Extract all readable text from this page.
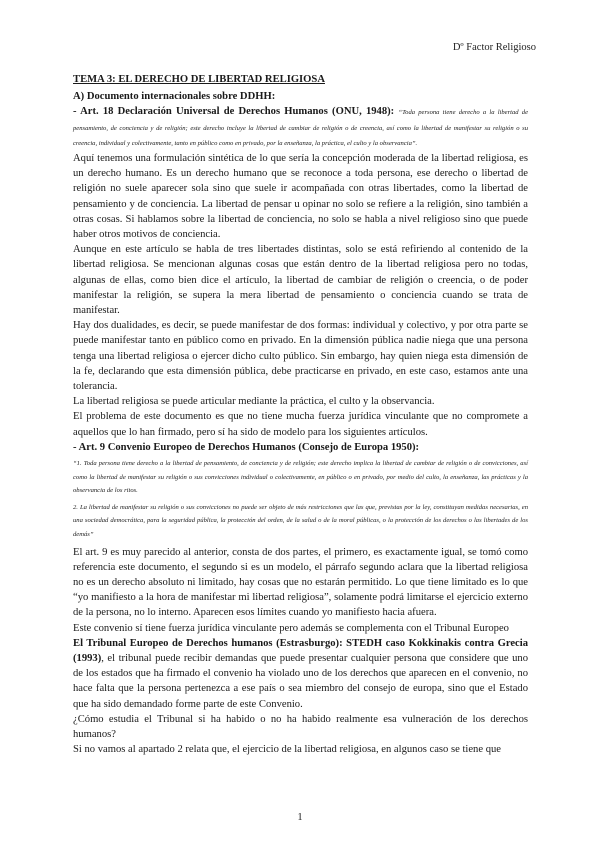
Dº Factor Religioso

TEMA 3: EL DERECHO DE LIBERTAD RELIGIOSA

A) Documento internacionales sobre DDHH:

- Art. 18 Declaración Universal de Derechos Humanos (ONU, 1948): “Toda persona tiene derecho a la libertad de pensamiento, de conciencia y de religión; este derecho incluye la libertad de cambiar de religión o de creencia, así como la libertad de manifestar su religión o su creencia, individual y colectivamente, tanto en público como en privado, por la enseñanza, la práctica, el culto y la observancia”.

Aquí tenemos una formulación sintética de lo que sería la concepción moderada de la libertad religiosa, es un derecho humano. Es un derecho humano que se reconoce a toda persona, ese derecho o libertad de religión no suele aparecer sola sino que suele ir acompañada con otras libertades, como la libertad de pensamiento y de conciencia. La libertad de pensar u opinar no solo se refiere a la religión, sino también a otras cosas. Si hablamos sobre la libertad de conciencia, no solo se habla a nivel religioso sino que puede haber otros motivos de conciencia.

Aunque en este artículo se habla de tres libertades distintas, solo se está refiriendo al contenido de la libertad religiosa. Se mencionan algunas cosas que están dentro de la libertad religiosa pero no todas, algunas de ellas, como bien dice el artículo, la libertad de cambiar de religión o creencia, o de poder manifestar la religión, se supera la mera libertad de pensamiento o conciencia cuando se trata de manifestar.

Hay dos dualidades, es decir, se puede manifestar de dos formas: individual y colectivo, y por otra parte se puede manifestar tanto en público como en privado. En la dimensión pública nadie niega que una persona tenga una libertad religiosa o ejercer dicho culto público. Sin embargo, hay quien niega esta dimensión de la fe, declarando que esta dimensión pública, debe practicarse en privado, en este caso, estamos ante una tolerancia.

La libertad religiosa se puede articular mediante la práctica, el culto y la observancia.

El problema de este documento es que no tiene mucha fuerza jurídica vinculante que no compromete a aquellos que lo han firmado, pero sí ha sido de modelo para los siguientes artículos.

- Art. 9 Convenio Europeo de Derechos Humanos (Consejo de Europa 1950):

“1. Toda persona tiene derecho a la libertad de pensamiento, de conciencia y de religión; este derecho implica la libertad de cambiar de religión o de convicciones, así como la libertad de manifestar su religión o sus convicciones individual o colectivamente, en público o en privado, por medio del culto, la enseñanza, las prácticas y la observancia de los ritos.

2. La libertad de manifestar su religión o sus convicciones no puede ser objeto de más restricciones que las que, previstas por la ley, constituyan medidas necesarias, en una sociedad democrática, para la seguridad pública, la protección del orden, de la salud o de la moral públicas, o la protección de los derechos o las libertades de los demás”

El art. 9 es muy parecido al anterior, consta de dos partes, el primero, es exactamente igual, se tomó como referencia este documento, el segundo si es un modelo, el párrafo segundo aclara que la libertad religiosa no es un derecho absoluto ni limitado, hay cosas que no estarán permitido. Lo que tiene limitado es lo que “yo manifiesto a la hora de manifestar mi libertad religiosa”, solamente podrá limitarse el ejercicio externo de la persona, no lo interno. Aparecen esos límites cuando yo manifiesto hacia afuera.

Este convenio sí tiene fuerza jurídica vinculante pero además se complementa con el Tribunal Europeo

El Tribunal Europeo de Derechos humanos (Estrasburgo): STEDH caso Kokkinakis contra Grecia (1993), el tribunal puede recibir demandas que puede presentar cualquier persona que considere que uno de los estados que ha firmado el convenio ha violado uno de los derechos que aparecen en el convenio, no hace falta que la persona pertenezca a ese país o sea miembro del consejo de europa, sino que el Estado que ha sido demandado forme parte de este Convenio.

¿Cómo estudia el Tribunal si ha habido o no ha habido realmente esa vulneración de los derechos humanos?

Si no vamos al apartado 2 relata que, el ejercicio de la libertad religiosa, en algunos caso se tiene que

1
